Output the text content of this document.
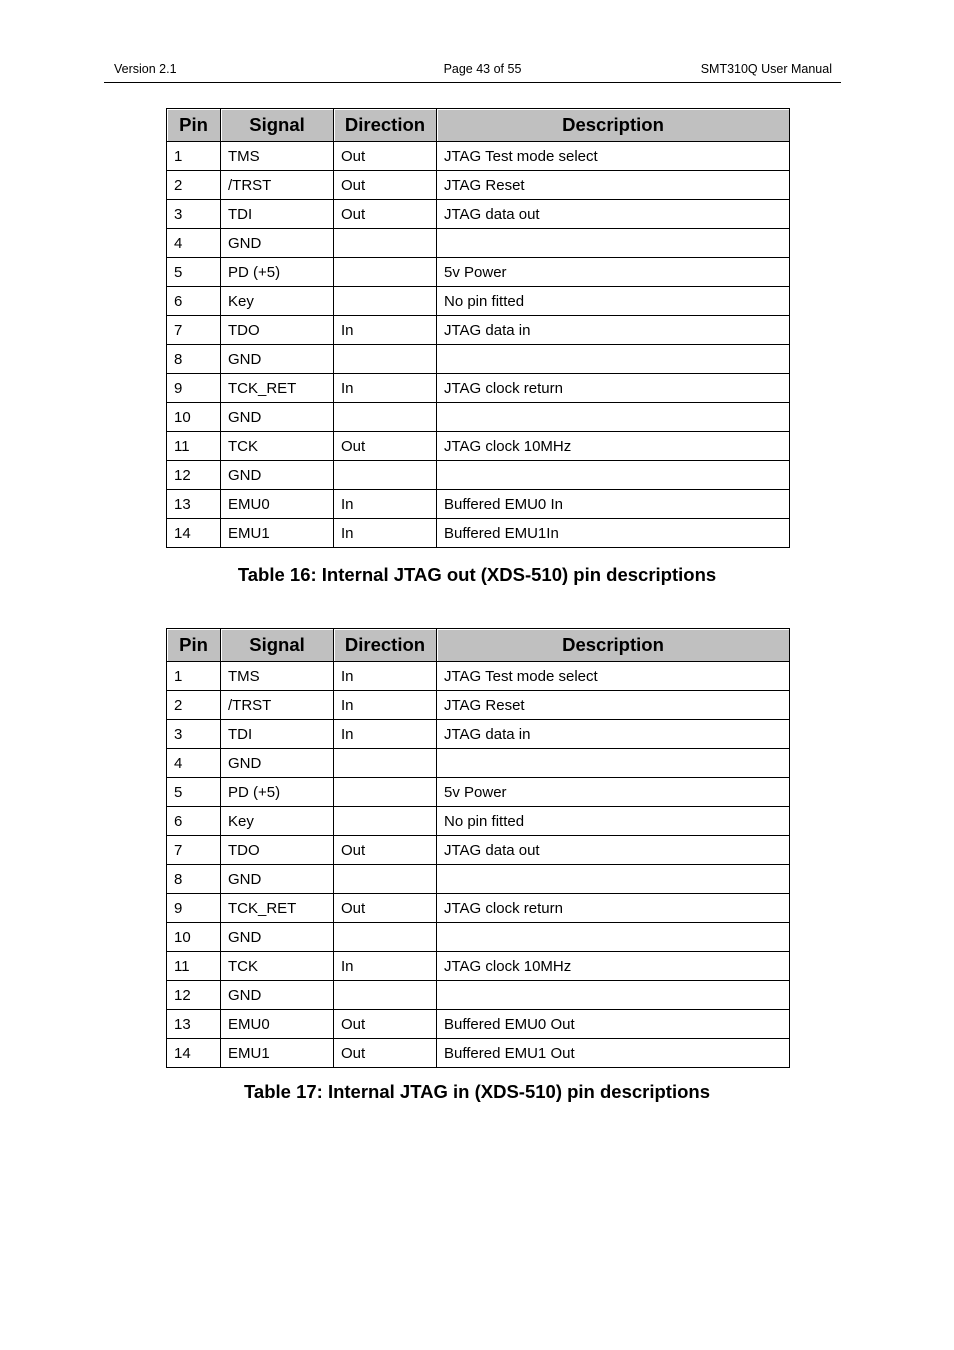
Version 2.1	Page 43 of 55	SMT310Q User Manual
Pin	Signal	Direction	Description
1	TMS	Out	JTAG Test mode select
2	/TRST	Out	JTAG Reset
3	TDI	Out	JTAG data out
4	GND		
5	PD (+5)		5v Power
6	Key		No pin fitted
7	TDO	In	JTAG data in
8	GND		
9	TCK_RET	In	JTAG clock return
10	GND		
11	TCK	Out	JTAG clock 10MHz
12	GND		
13	EMU0	In	Buffered EMU0 In
14	EMU1	In	Buffered EMU1In
Table 16: Internal JTAG out (XDS-510) pin descriptions
Pin	Signal	Direction	Description
1	TMS	In	JTAG Test mode select
2	/TRST	In	JTAG Reset
3	TDI	In	JTAG data in
4	GND		
5	PD (+5)		5v Power
6	Key		No pin fitted
7	TDO	Out	JTAG data out
8	GND		
9	TCK_RET	Out	JTAG clock return
10	GND		
11	TCK	In	JTAG clock 10MHz
12	GND		
13	EMU0	Out	Buffered EMU0 Out
14	EMU1	Out	Buffered EMU1 Out
Table 17: Internal JTAG in (XDS-510) pin descriptions
